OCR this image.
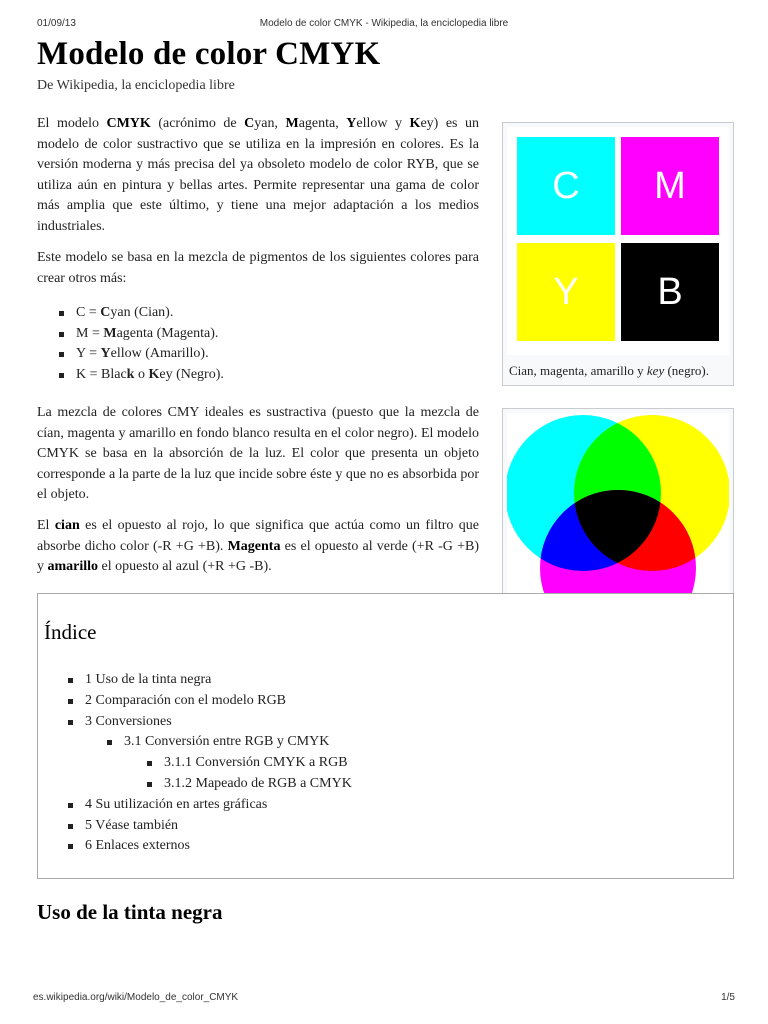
01/09/13	Modelo de color CMYK - Wikipedia, la enciclopedia libre
Modelo de color CMYK
De Wikipedia, la enciclopedia libre

El modelo CMYK (acrónimo de Cyan, Magenta, Yellow y Key) es un modelo de color sustractivo que se utiliza en la impresión en colores. Es la versión moderna y más precisa del ya obsoleto modelo de color RYB, que se utiliza aún en pintura y bellas artes. Permite representar una gama de color más amplia que este último, y tiene una mejor adaptación a los medios industriales.

Este modelo se basa en la mezcla de pigmentos de los siguientes colores para crear otros más:

C = Cyan (Cian).
M = Magenta (Magenta).
Y = Yellow (Amarillo).
K = Black o Key (Negro).

La mezcla de colores CMY ideales es sustractiva (puesto que la mezcla de cían, magenta y amarillo en fondo blanco resulta en el color negro). El modelo CMYK se basa en la absorción de la luz. El color que presenta un objeto corresponde a la parte de la luz que incide sobre éste y que no es absorbida por el objeto.

El cian es el opuesto al rojo, lo que significa que actúa como un filtro que absorbe dicho color (-R +G +B). Magenta es el opuesto al verde (+R -G +B) y amarillo el opuesto al azul (+R +G -B).

C	M
Y	B
Cian, magenta, amarillo y key (negro).
Índice
1 Uso de la tinta negra
2 Comparación con el modelo RGB
3 Conversiones
3.1 Conversión entre RGB y CMYK
3.1.1 Conversión CMYK a RGB
3.1.2 Mapeado de RGB a CMYK
4 Su utilización en artes gráficas
5 Véase también
6 Enlaces externos
Uso de la tinta negra
es.wikipedia.org/wiki/Modelo_de_color_CMYK	1/5
